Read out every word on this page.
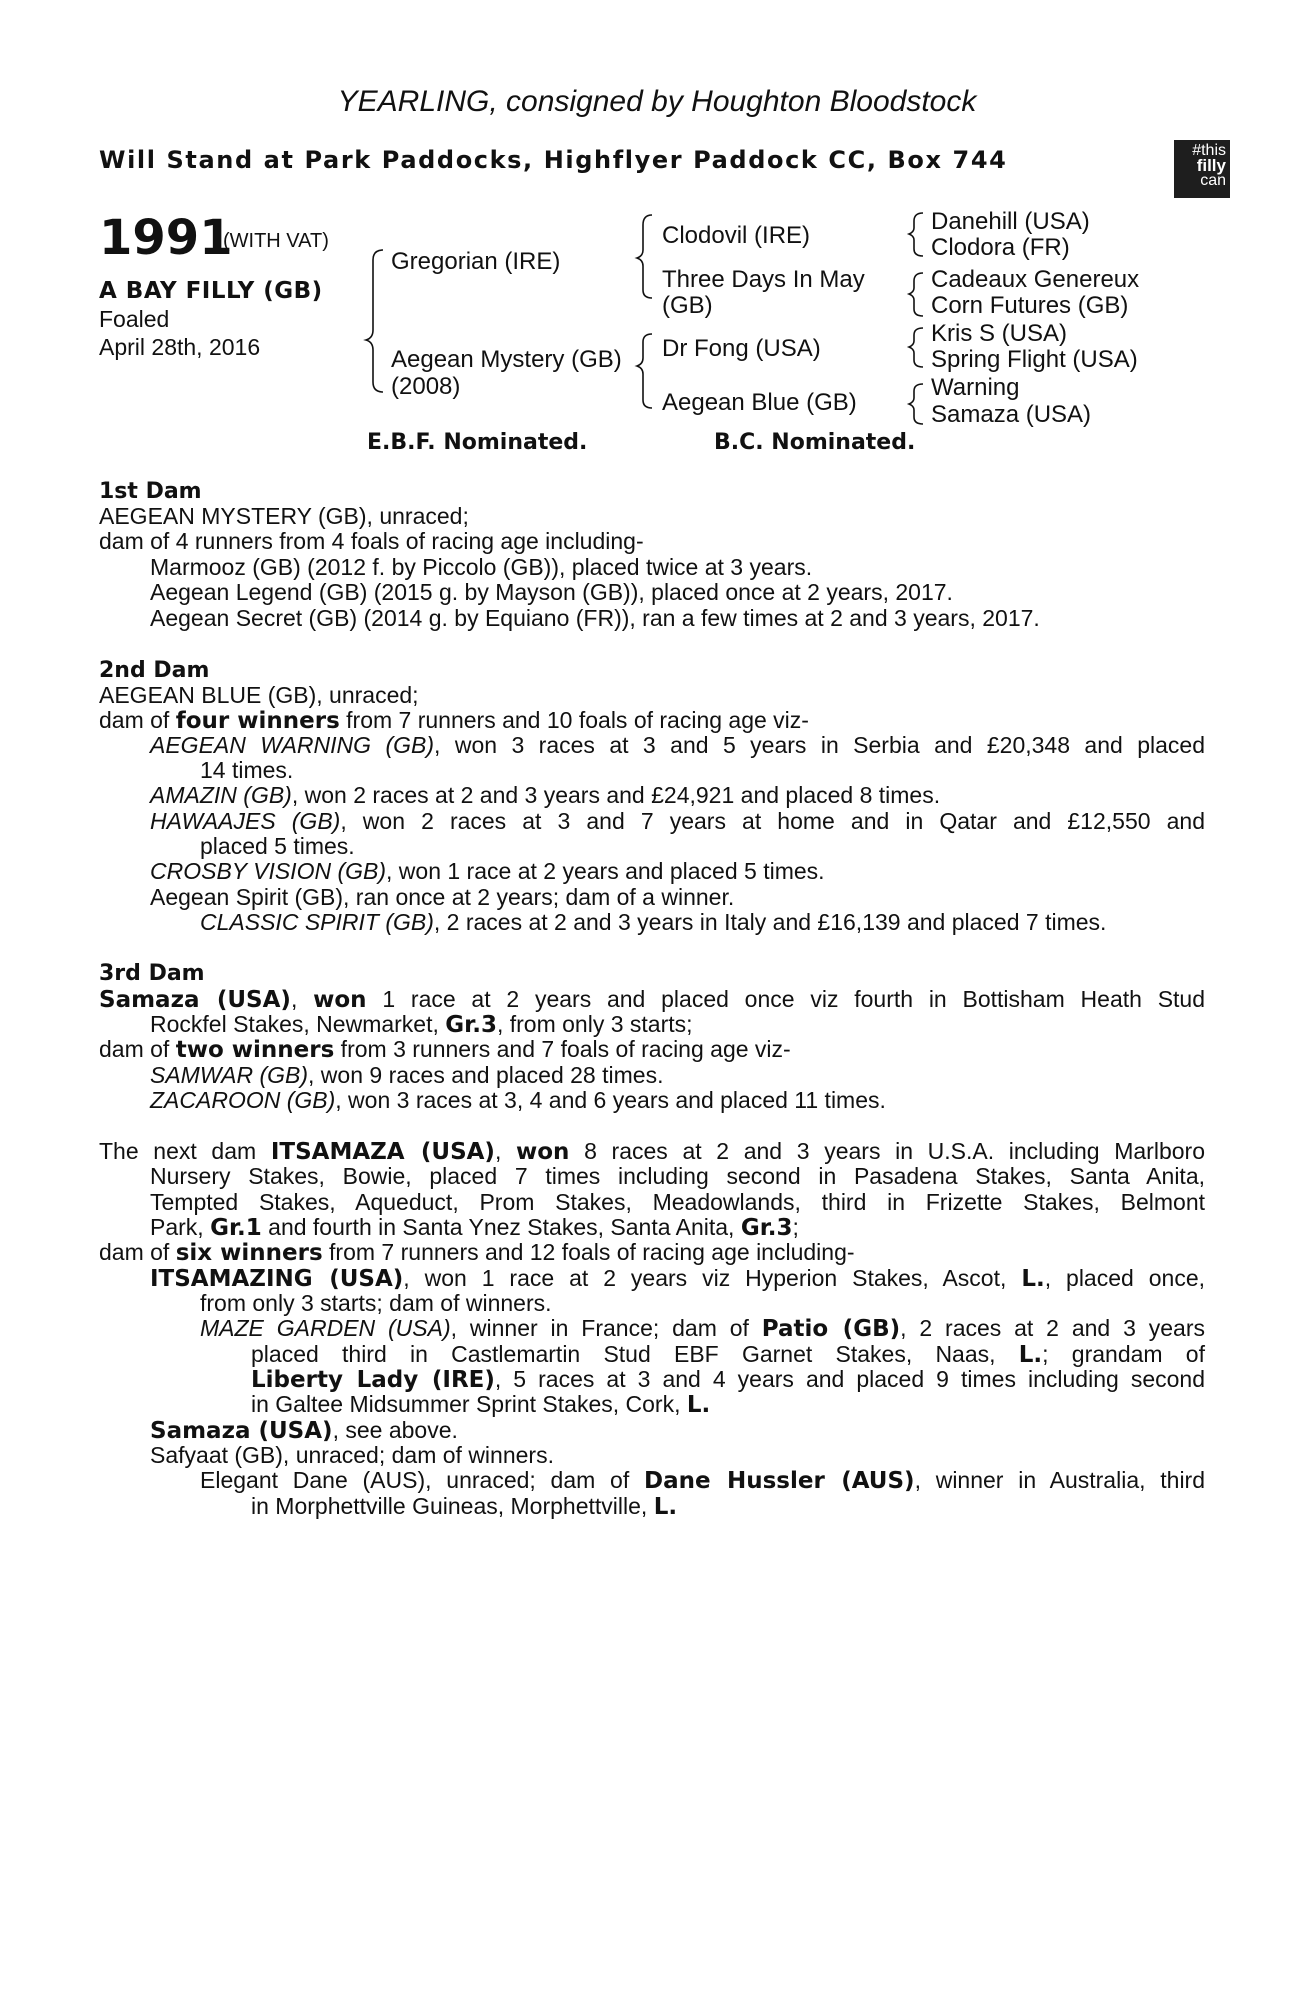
YEARLING, consigned by Houghton Bloodstock
Will Stand at Park Paddocks, Highflyer Paddock CC, Box 744	#this
filly
can
1991
(WITH VAT)
A BAY FILLY (GB)
Foaled
April 28th, 2016
Gregorian (IRE)
Aegean Mystery (GB)
(2008)
Clodovil (IRE)
Three Days In May
(GB)
Dr Fong (USA)
Aegean Blue (GB)
Danehill (USA)
Clodora (FR)
Cadeaux Genereux
Corn Futures (GB)
Kris S (USA)
Spring Flight (USA)
Warning
Samaza (USA)
E.B.F. Nominated.	B.C. Nominated.
1st Dam
AEGEAN MYSTERY (GB), unraced;
dam of 4 runners from 4 foals of racing age including-
Marmooz (GB) (2012 f. by Piccolo (GB)), placed twice at 3 years.
Aegean Legend (GB) (2015 g. by Mayson (GB)), placed once at 2 years, 2017.
Aegean Secret (GB) (2014 g. by Equiano (FR)), ran a few times at 2 and 3 years, 2017.
2nd Dam
AEGEAN BLUE (GB), unraced;
dam of four winners from 7 runners and 10 foals of racing age viz-
AEGEAN WARNING (GB), won 3 races at 3 and 5 years in Serbia and £20,348 and placed
14 times.
AMAZIN (GB), won 2 races at 2 and 3 years and £24,921 and placed 8 times.
HAWAAJES (GB), won 2 races at 3 and 7 years at home and in Qatar and £12,550 and
placed 5 times.
CROSBY VISION (GB), won 1 race at 2 years and placed 5 times.
Aegean Spirit (GB), ran once at 2 years; dam of a winner.
CLASSIC SPIRIT (GB), 2 races at 2 and 3 years in Italy and £16,139 and placed 7 times.
3rd Dam
Samaza (USA), won 1 race at 2 years and placed once viz fourth in Bottisham Heath Stud
Rockfel Stakes, Newmarket, Gr.3, from only 3 starts;
dam of two winners from 3 runners and 7 foals of racing age viz-
SAMWAR (GB), won 9 races and placed 28 times.
ZACAROON (GB), won 3 races at 3, 4 and 6 years and placed 11 times.
The next dam ITSAMAZA (USA), won 8 races at 2 and 3 years in U.S.A. including Marlboro
Nursery Stakes, Bowie, placed 7 times including second in Pasadena Stakes, Santa Anita,
Tempted Stakes, Aqueduct, Prom Stakes, Meadowlands, third in Frizette Stakes, Belmont
Park, Gr.1 and fourth in Santa Ynez Stakes, Santa Anita, Gr.3;
dam of six winners from 7 runners and 12 foals of racing age including-
ITSAMAZING (USA), won 1 race at 2 years viz Hyperion Stakes, Ascot, L., placed once,
from only 3 starts; dam of winners.
MAZE GARDEN (USA), winner in France; dam of Patio (GB), 2 races at 2 and 3 years
placed third in Castlemartin Stud EBF Garnet Stakes, Naas, L.; grandam of
Liberty Lady (IRE), 5 races at 3 and 4 years and placed 9 times including second
in Galtee Midsummer Sprint Stakes, Cork, L.
Samaza (USA), see above.
Safyaat (GB), unraced; dam of winners.
Elegant Dane (AUS), unraced; dam of Dane Hussler (AUS), winner in Australia, third
in Morphettville Guineas, Morphettville, L.
